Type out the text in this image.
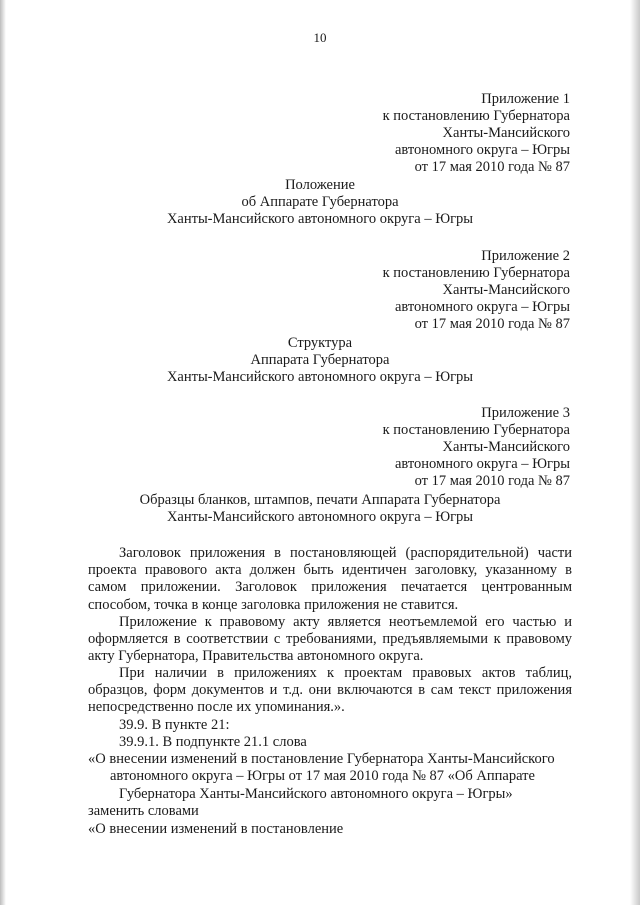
10
Приложение 1
к постановлению Губернатора
Ханты-Мансийского
автономного округа – Югры
от 17 мая 2010 года № 87
Положение
об Аппарате Губернатора
Ханты-Мансийского автономного округа – Югры
Приложение 2
к постановлению Губернатора
Ханты-Мансийского
автономного округа – Югры
от 17 мая 2010 года № 87
Структура
Аппарата Губернатора
Ханты-Мансийского автономного округа – Югры
Приложение 3
к постановлению Губернатора
Ханты-Мансийского
автономного округа – Югры
от 17 мая 2010 года № 87
Образцы бланков, штампов, печати Аппарата Губернатора
Ханты-Мансийского автономного округа – Югры

Заголовок приложения в постановляющей (распорядительной) части проекта правового акта должен быть идентичен заголовку, указанному в самом приложении. Заголовок приложения печатается центрованным способом, точка в конце заголовка приложения не ставится.

Приложение к правовому акту является неотъемлемой его частью и оформляется в соответствии с требованиями, предъявляемыми к правовому акту Губернатора, Правительства автономного округа.

При наличии в приложениях к проектам правовых актов таблиц, образцов, форм документов и т.д. они включаются в сам текст приложения непосредственно после их упоминания.».

39.9. В пункте 21:
39.9.1. В подпункте 21.1 слова
«О внесении изменений в постановление Губернатора Ханты-Мансийского
автономного округа – Югры от 17 мая 2010 года № 87 «Об Аппарате
Губернатора Ханты-Мансийского автономного округа – Югры»
заменить словами
«О внесении изменений в постановление
